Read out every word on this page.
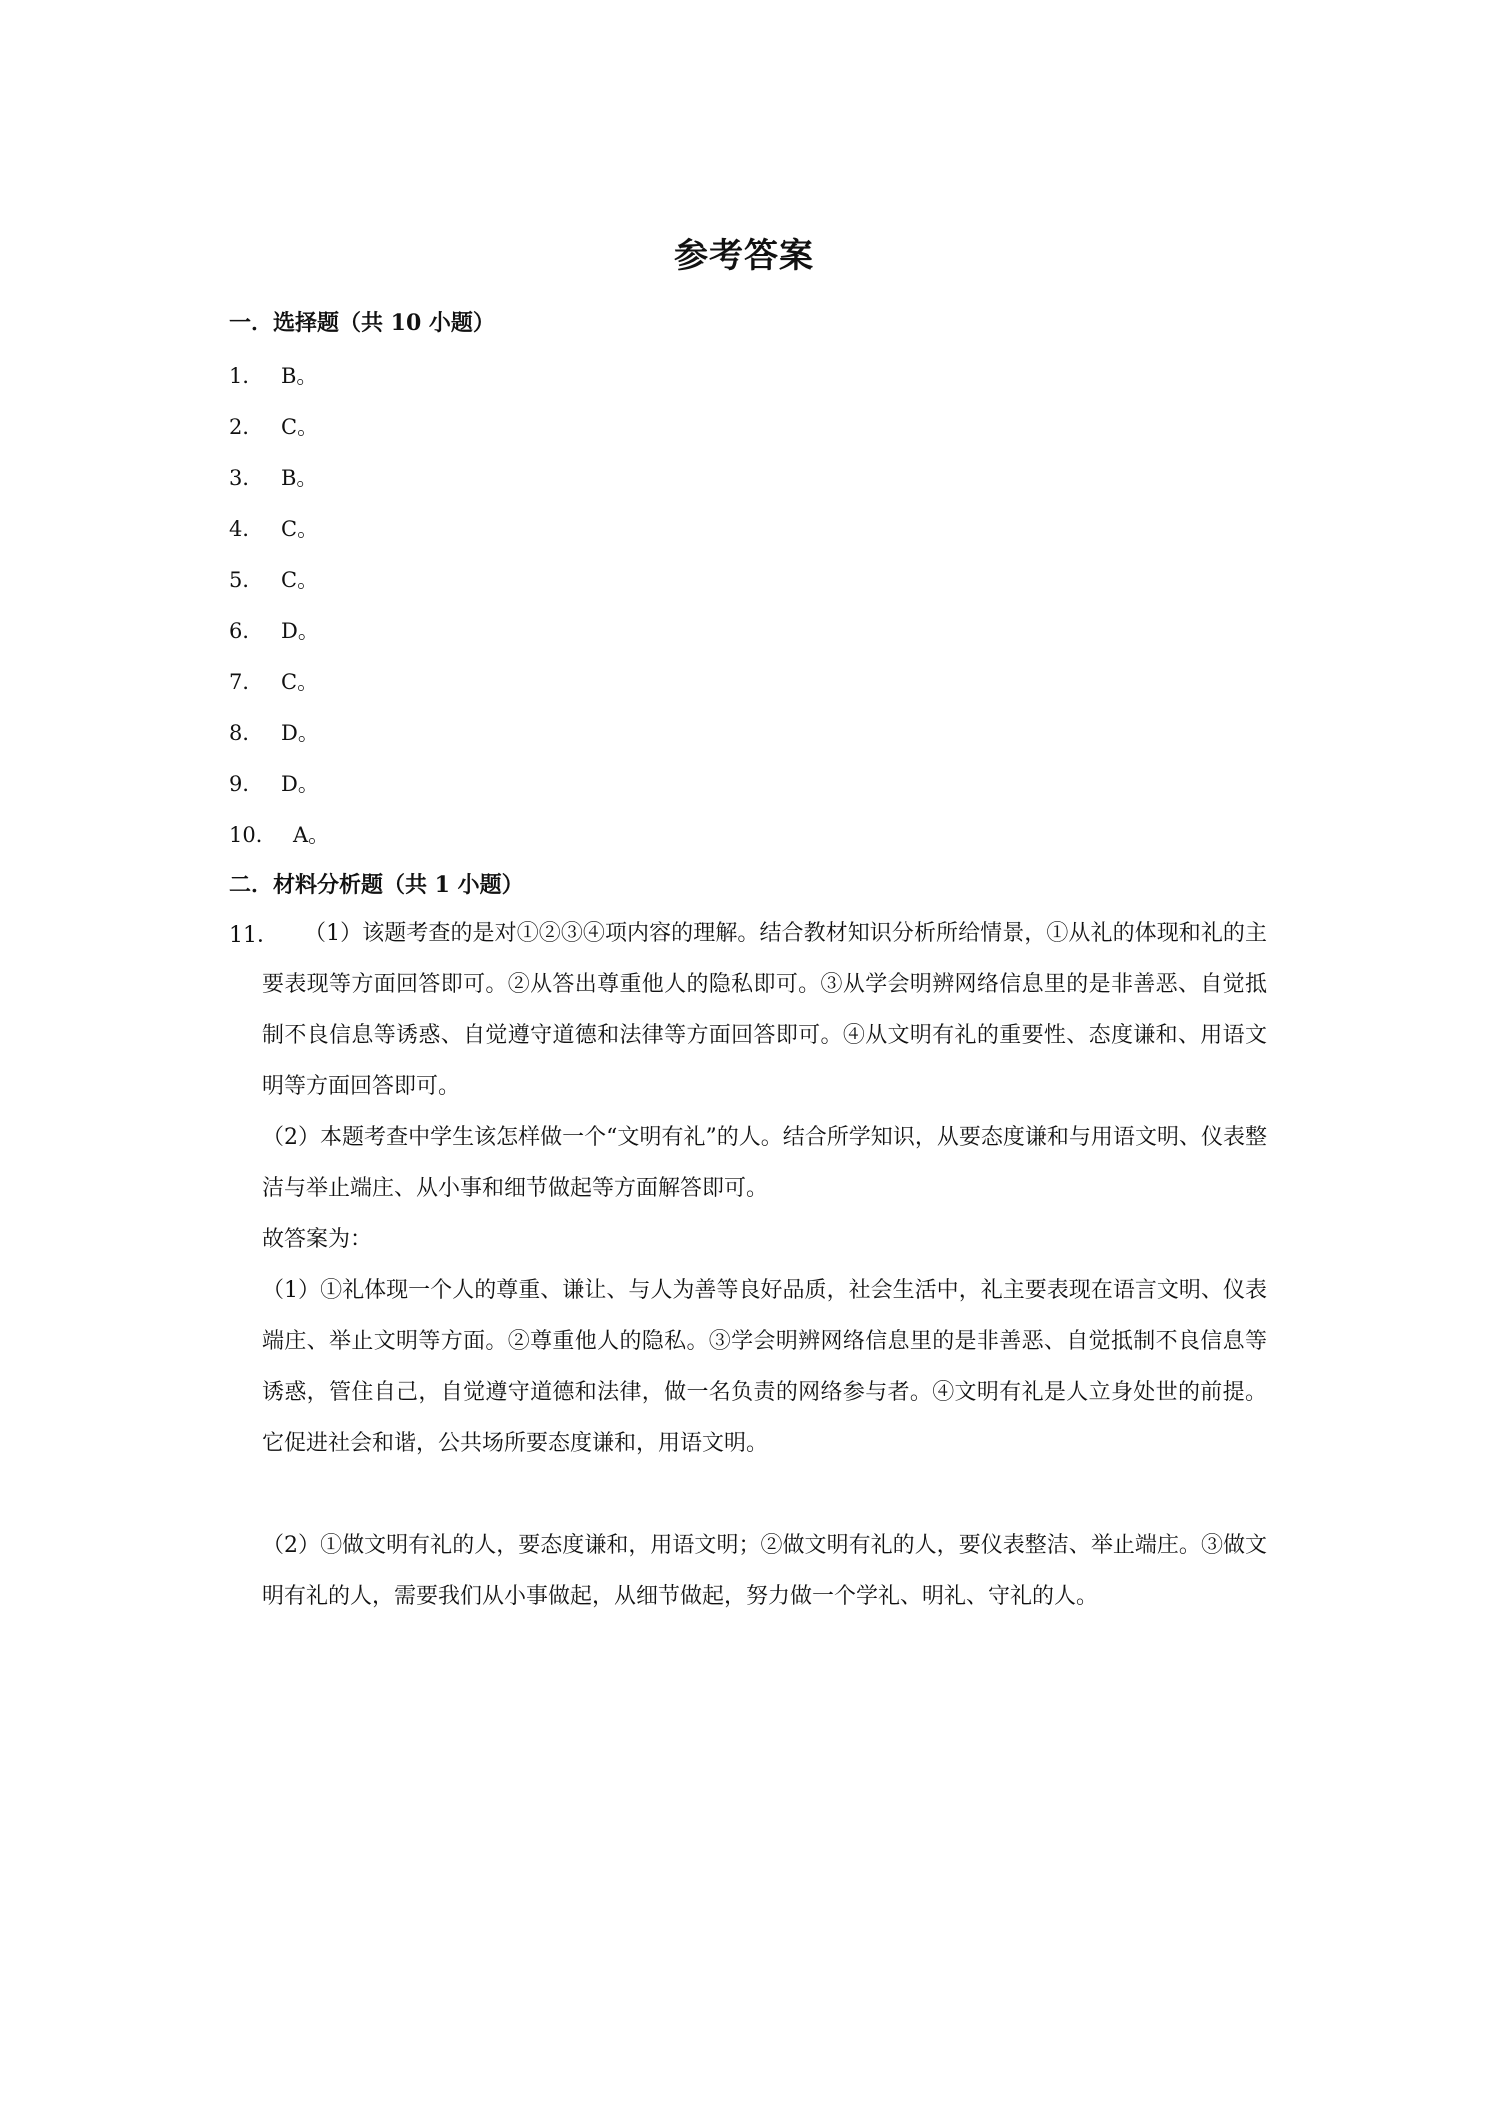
参考答案
一．选择题（共 10 小题）
1． B。
2． C。
3． B。
4． C。
5． C。
6． D。
7． C。
8． D。
9． D。
10． A。
二．材料分析题（共 1 小题）
11．	（1）该题考查的是对①②③④项内容的理解。结合教材知识分析所给情景，①从礼的体现和礼的主要表现等方面回答即可。②从答出尊重他人的隐私即可。③从学会明辨网络信息里的是非善恶、自觉抵制不良信息等诱惑、自觉遵守道德和法律等方面回答即可。④从文明有礼的重要性、态度谦和、用语文明等方面回答即可。
（2）本题考查中学生该怎样做一个“文明有礼”的人。结合所学知识，从要态度谦和与用语文明、仪表整洁与举止端庄、从小事和细节做起等方面解答即可。
故答案为：
（1）①礼体现一个人的尊重、谦让、与人为善等良好品质，社会生活中，礼主要表现在语言文明、仪表端庄、举止文明等方面。②尊重他人的隐私。③学会明辨网络信息里的是非善恶、自觉抵制不良信息等诱惑，管住自己，自觉遵守道德和法律，做一名负责的网络参与者。④文明有礼是人立身处世的前提。它促进社会和谐，公共场所要态度谦和，用语文明。
（2）①做文明有礼的人，要态度谦和，用语文明；②做文明有礼的人，要仪表整洁、举止端庄。③做文明有礼的人，需要我们从小事做起，从细节做起，努力做一个学礼、明礼、守礼的人。
